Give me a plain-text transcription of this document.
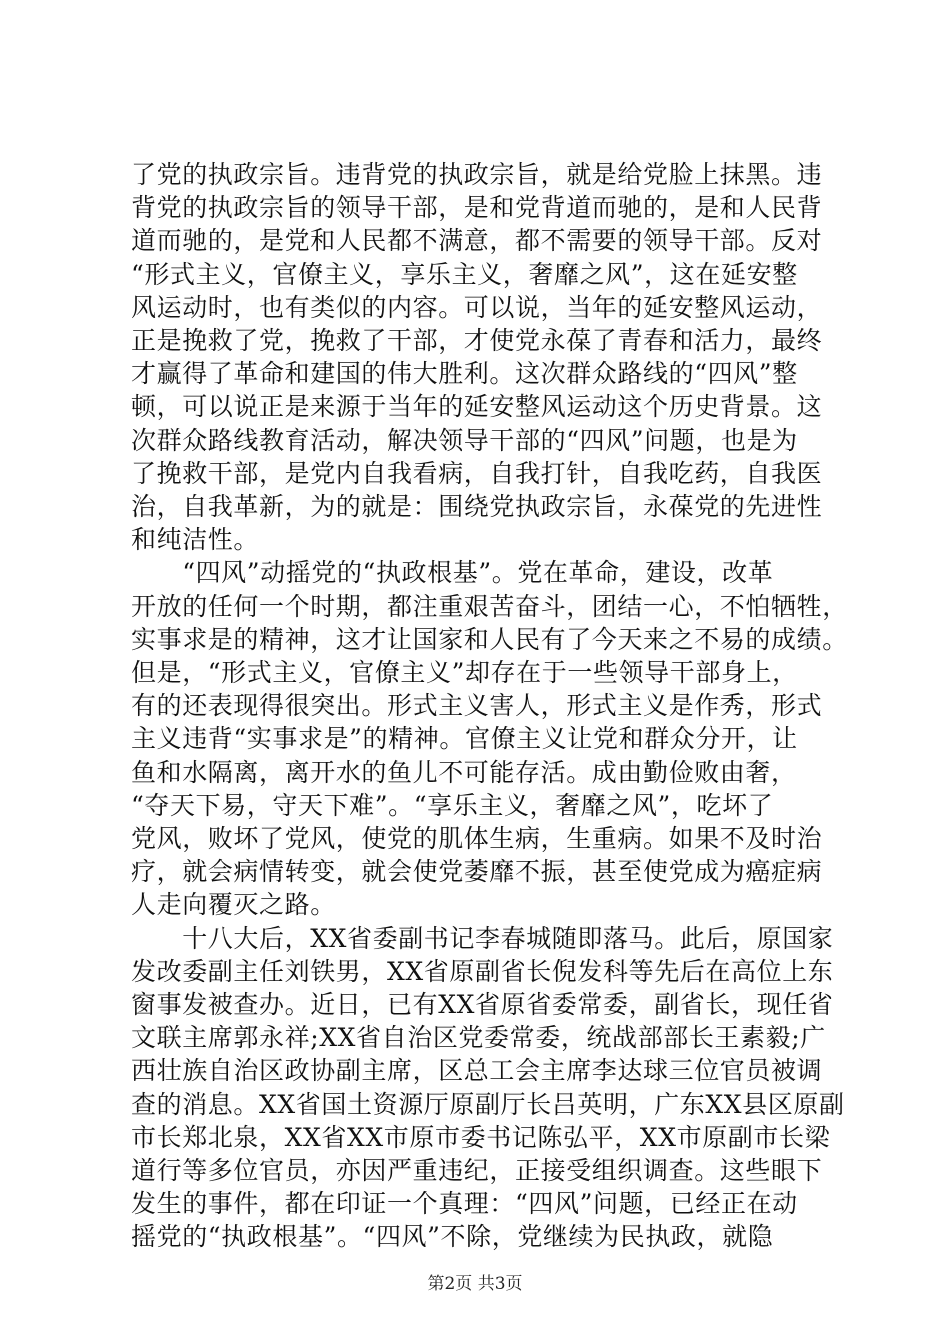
了党的执政宗旨。违背党的执政宗旨，就是给党脸上抹黑。违
背党的执政宗旨的领导干部，是和党背道而驰的，是和人民背
道而驰的，是党和人民都不满意，都不需要的领导干部。反对
“形式主义，官僚主义，享乐主义，奢靡之风”，这在延安整
风运动时，也有类似的内容。可以说，当年的延安整风运动，
正是挽救了党，挽救了干部，才使党永葆了青春和活力，最终
才赢得了革命和建国的伟大胜利。这次群众路线的“四风”整
顿，可以说正是来源于当年的延安整风运动这个历史背景。这
次群众路线教育活动，解决领导干部的“四风”问题，也是为
了挽救干部，是党内自我看病，自我打针，自我吃药，自我医
治，自我革新，为的就是：围绕党执政宗旨，永葆党的先进性
和纯洁性。
　　“四风”动摇党的“执政根基”。党在革命，建设，改革
开放的任何一个时期，都注重艰苦奋斗，团结一心，不怕牺牲，
实事求是的精神，这才让国家和人民有了今天来之不易的成绩。
但是，“形式主义，官僚主义”却存在于一些领导干部身上，
有的还表现得很突出。形式主义害人，形式主义是作秀，形式
主义违背“实事求是”的精神。官僚主义让党和群众分开，让
鱼和水隔离，离开水的鱼儿不可能存活。成由勤俭败由奢，
“夺天下易，守天下难”。“享乐主义，奢靡之风”，吃坏了
党风，败坏了党风，使党的肌体生病，生重病。如果不及时治
疗，就会病情转变，就会使党萎靡不振，甚至使党成为癌症病
人走向覆灭之路。
　　十八大后，XX省委副书记李春城随即落马。此后，原国家
发改委副主任刘铁男，XX省原副省长倪发科等先后在高位上东
窗事发被查办。近日，已有XX省原省委常委，副省长，现任省
文联主席郭永祥;XX省自治区党委常委，统战部部长王素毅;广
西壮族自治区政协副主席，区总工会主席李达球三位官员被调
查的消息。XX省国土资源厅原副厅长吕英明，广东XX县区原副
市长郑北泉，XX省XX市原市委书记陈弘平，XX市原副市长梁
道行等多位官员，亦因严重违纪，正接受组织调查。这些眼下
发生的事件，都在印证一个真理：“四风”问题，已经正在动
摇党的“执政根基”。“四风”不除，党继续为民执政，就隐
第2页 共3页
